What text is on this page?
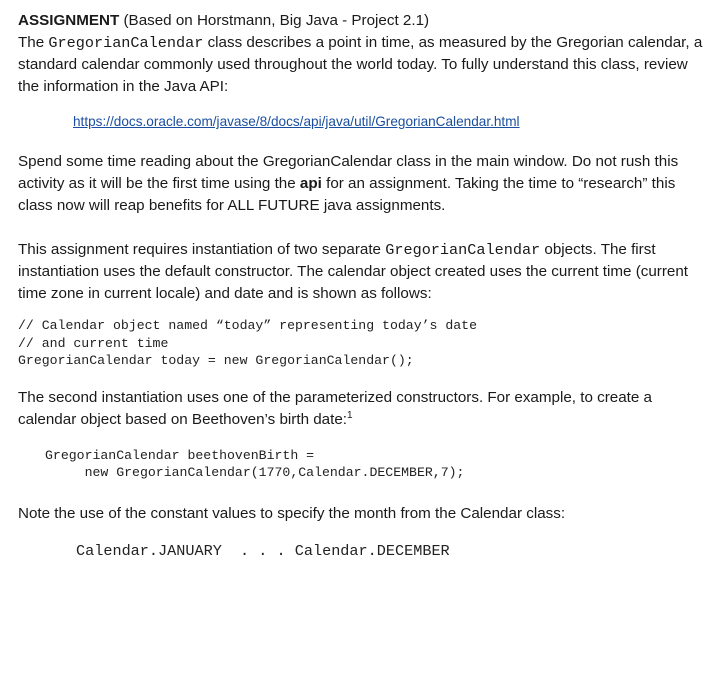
ASSIGNMENT (Based on Horstmann, Big Java - Project 2.1)

The GregorianCalendar class describes a point in time, as measured by the Gregorian calendar, a standard calendar commonly used throughout the world today. To fully understand this class, review the information in the Java API:

https://docs.oracle.com/javase/8/docs/api/java/util/GregorianCalendar.html

Spend some time reading about the GregorianCalendar class in the main window. Do not rush this activity as it will be the first time using the api for an assignment. Taking the time to “research” this class now will reap benefits for ALL FUTURE java assignments.

This assignment requires instantiation of two separate GregorianCalendar objects. The first instantiation uses the default constructor. The calendar object created uses the current time (current time zone in current locale) and date and is shown as follows:

// Calendar object named “today” representing today’s date
// and current time
GregorianCalendar today = new GregorianCalendar();

The second instantiation uses one of the parameterized constructors. For example, to create a calendar object based on Beethoven’s birth date:$^1$

GregorianCalendar beethovenBirth =
new GregorianCalendar(1770,Calendar.DECEMBER,7);

Note the use of the constant values to specify the month from the Calendar class:

Calendar.JANUARY  . . . Calendar.DECEMBER
